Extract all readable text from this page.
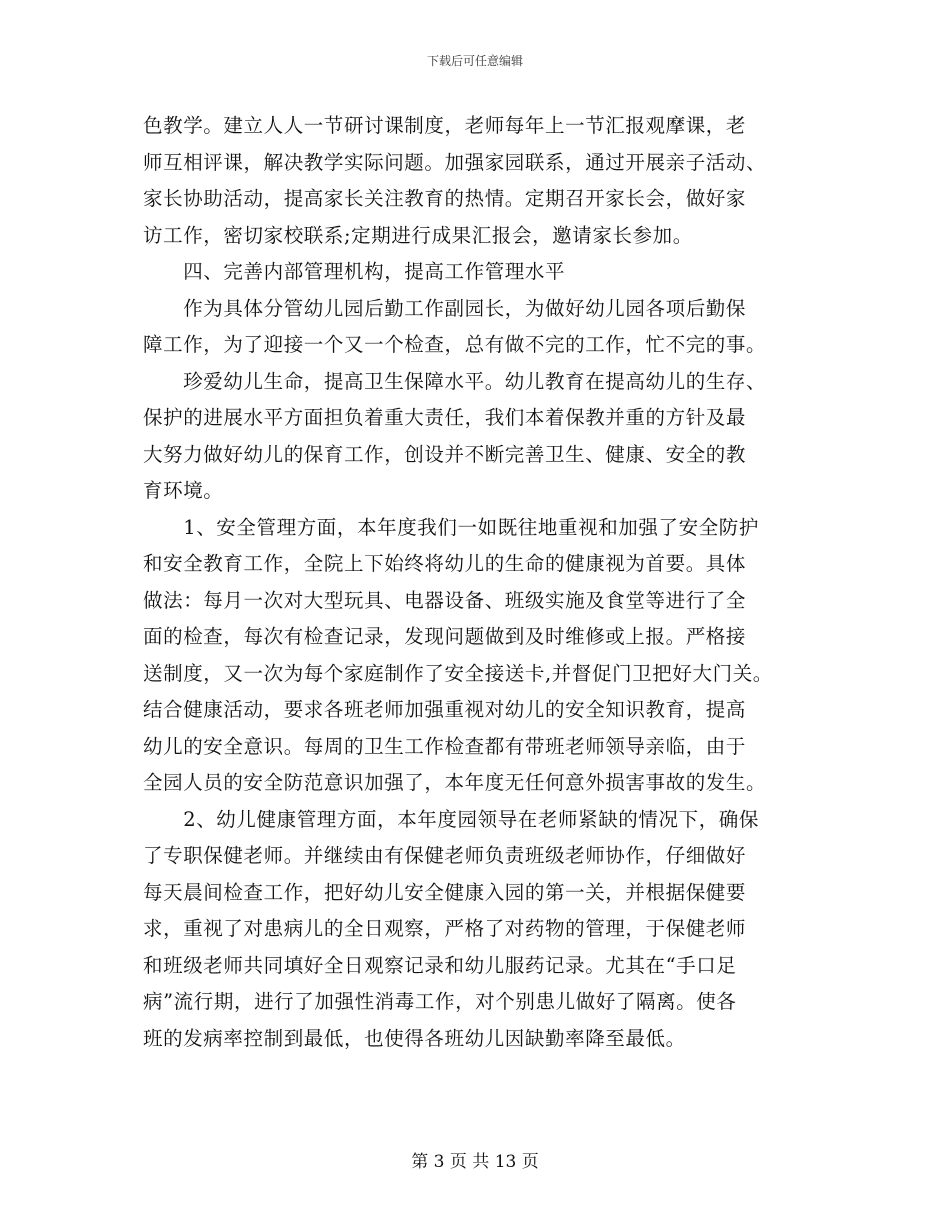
下载后可任意编辑
色教学。建立人人一节研讨课制度，老师每年上一节汇报观摩课，老
师互相评课，解决教学实际问题。加强家园联系，通过开展亲子活动、
家长协助活动，提高家长关注教育的热情。定期召开家长会，做好家
访工作，密切家校联系;定期进行成果汇报会，邀请家长参加。
　　四、完善内部管理机构，提高工作管理水平
　　作为具体分管幼儿园后勤工作副园长，为做好幼儿园各项后勤保
障工作，为了迎接一个又一个检查，总有做不完的工作，忙不完的事。
　　珍爱幼儿生命，提高卫生保障水平。幼儿教育在提高幼儿的生存、
保护的进展水平方面担负着重大责任，我们本着保教并重的方针及最
大努力做好幼儿的保育工作，创设并不断完善卫生、健康、安全的教
育环境。
　　1、安全管理方面，本年度我们一如既往地重视和加强了安全防护
和安全教育工作，全院上下始终将幼儿的生命的健康视为首要。具体
做法：每月一次对大型玩具、电器设备、班级实施及食堂等进行了全
面的检查，每次有检查记录，发现问题做到及时维修或上报。严格接
送制度，又一次为每个家庭制作了安全接送卡,并督促门卫把好大门关。
结合健康活动，要求各班老师加强重视对幼儿的安全知识教育，提高
幼儿的安全意识。每周的卫生工作检查都有带班老师领导亲临，由于
全园人员的安全防范意识加强了，本年度无任何意外损害事故的发生。
　　2、幼儿健康管理方面，本年度园领导在老师紧缺的情况下，确保
了专职保健老师。并继续由有保健老师负责班级老师协作，仔细做好
每天晨间检查工作，把好幼儿安全健康入园的第一关，并根据保健要
求，重视了对患病儿的全日观察，严格了对药物的管理，于保健老师
和班级老师共同填好全日观察记录和幼儿服药记录。尤其在“手口足
病”流行期，进行了加强性消毒工作，对个别患儿做好了隔离。使各
班的发病率控制到最低，也使得各班幼儿因缺勤率降至最低。
第 3 页 共 13 页
